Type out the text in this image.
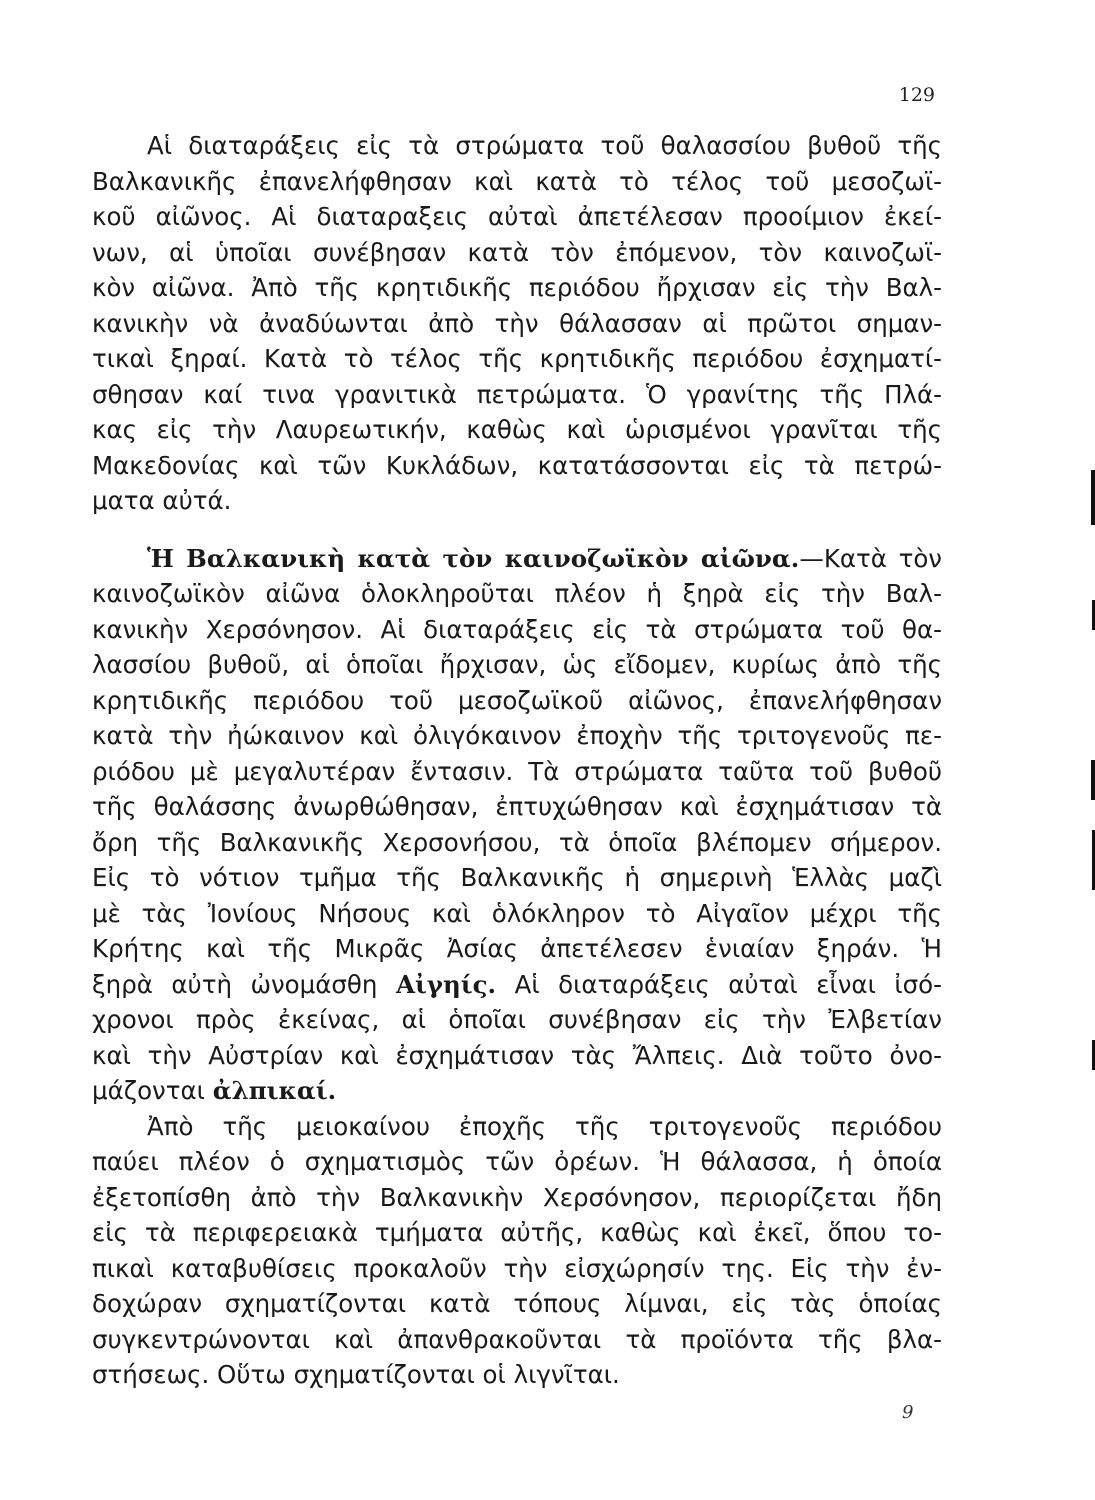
129
Αἱ διαταράξεις εἰς τὰ στρώματα τοῦ θαλασσίου βυθοῦ τῆς
Βαλκανικῆς ἐπανελήφθησαν καὶ κατὰ τὸ τέλος τοῦ μεσοζωϊ-
κοῦ αἰῶνος. Αἱ διαταραξεις αὐταὶ ἀπετέλεσαν προοίμιον ἐκεί-
νων, αἱ ὑποῖαι συνέβησαν κατὰ τὸν ἐπόμενον, τὸν καινοζωϊ-
κὸν αἰῶνα. Ἀπὸ τῆς κρητιδικῆς περιόδου ἤρχισαν εἰς τὴν Βαλ-
κανικὴν νὰ ἀναδύωνται ἀπὸ τὴν θάλασσαν αἱ πρῶτοι σημαν-
τικαὶ ξηραί. Κατὰ τὸ τέλος τῆς κρητιδικῆς περιόδου ἐσχηματί-
σθησαν καί τινα γρανιτικὰ πετρώματα. Ὁ γρανίτης τῆς Πλά-
κας εἰς τὴν Λαυρεωτικήν, καθὼς καὶ ὡρισμένοι γρανῖται τῆς
Μακεδονίας καὶ τῶν Κυκλάδων, κατατάσσονται εἰς τὰ πετρώ-
ματα αὐτά.
Ἡ Βαλκανικὴ κατὰ τὸν καινοζωϊκὸν αἰῶνα.—Κατὰ τὸν
καινοζωϊκὸν αἰῶνα ὁλοκληροῦται πλέον ἡ ξηρὰ εἰς τὴν Βαλ-
κανικὴν Χερσόνησον. Αἱ διαταράξεις εἰς τὰ στρώματα τοῦ θα-
λασσίου βυθοῦ, αἱ ὁποῖαι ἤρχισαν, ὡς εἴδομεν, κυρίως ἀπὸ τῆς
κρητιδικῆς περιόδου τοῦ μεσοζωϊκοῦ αἰῶνος, ἐπανελήφθησαν
κατὰ τὴν ἠώκαινον καὶ ὀλιγόκαινον ἐποχὴν τῆς τριτογενοῦς πε-
ριόδου μὲ μεγαλυτέραν ἔντασιν. Τὰ στρώματα ταῦτα τοῦ βυθοῦ
τῆς θαλάσσης ἀνωρθώθησαν, ἐπτυχώθησαν καὶ ἐσχημάτισαν τὰ
ὄρη τῆς Βαλκανικῆς Χερσονήσου, τὰ ὁποῖα βλέπομεν σήμερον.
Εἰς τὸ νότιον τμῆμα τῆς Βαλκανικῆς ἡ σημερινὴ Ἑλλὰς μαζὶ
μὲ τὰς Ἰονίους Νήσους καὶ ὁλόκληρον τὸ Αἰγαῖον μέχρι τῆς
Κρήτης καὶ τῆς Μικρᾶς Ἀσίας ἀπετέλεσεν ἑνιαίαν ξηράν. Ἡ
ξηρὰ αὐτὴ ὠνομάσθη Αἰγηίς. Αἱ διαταράξεις αὐταὶ εἶναι ἰσό-
χρονοι πρὸς ἐκείνας, αἱ ὁποῖαι συνέβησαν εἰς τὴν Ἐλβετίαν
καὶ τὴν Αὐστρίαν καὶ ἐσχημάτισαν τὰς Ἄλπεις. Διὰ τοῦτο ὀνο-
μάζονται ἀλπικαί.
Ἀπὸ τῆς μειοκαίνου ἐποχῆς τῆς τριτογενοῦς περιόδου
παύει πλέον ὁ σχηματισμὸς τῶν ὀρέων. Ἡ θάλασσα, ἡ ὁποία
ἐξετοπίσθη ἀπὸ τὴν Βαλκανικὴν Χερσόνησον, περιορίζεται ἤδη
εἰς τὰ περιφερειακὰ τμήματα αὐτῆς, καθὼς καὶ ἐκεῖ, ὅπου το-
πικαὶ καταβυθίσεις προκαλοῦν τὴν εἰσχώρησίν της. Εἰς τὴν ἐν-
δοχώραν σχηματίζονται κατὰ τόπους λίμναι, εἰς τὰς ὁποίας
συγκεντρώνονται καὶ ἀπανθρακοῦνται τὰ προϊόντα τῆς βλα-
στήσεως. Οὕτω σχηματίζονται οἱ λιγνῖται.
9
